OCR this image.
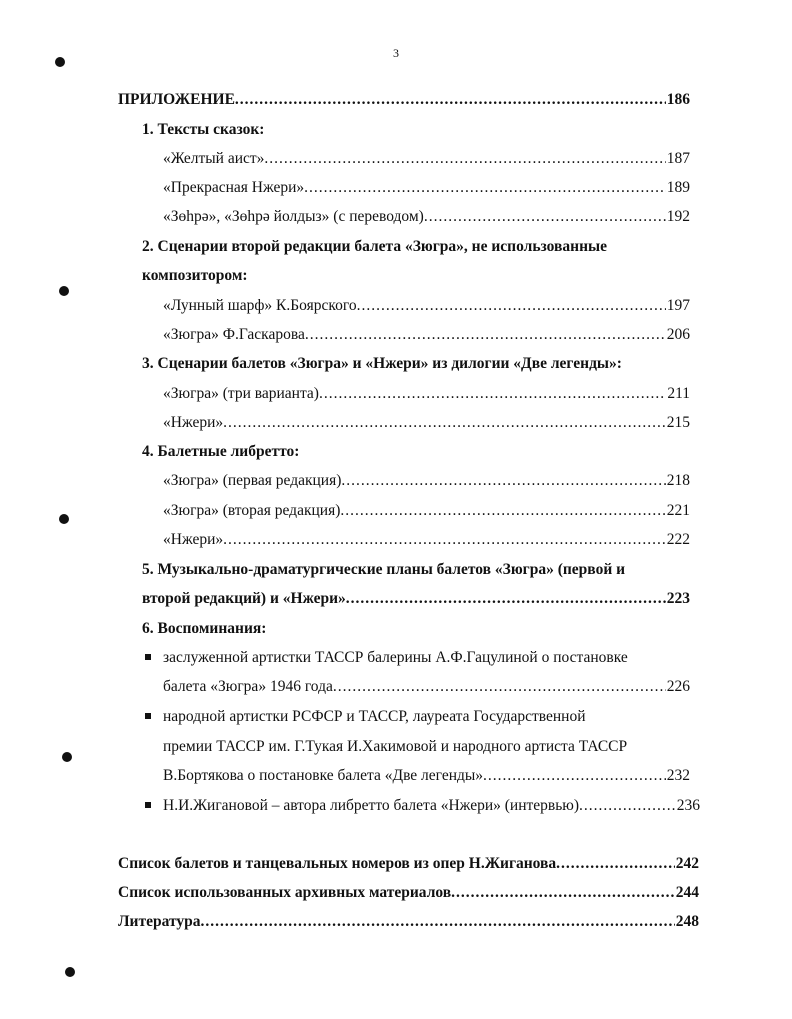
3
ПРИЛОЖЕНИЕ .....	186
1. Тексты сказок:
«Желтый аист» .....	187
«Прекрасная Нжери» .....	189
«Зөһрә», «Зөһрә йолдыз» (с переводом) .....	192
2. Сценарии второй редакции балета «Зюгра», не использованные
композитором:
«Лунный шарф» К.Боярского .....	197
«Зюгра» Ф.Гаскарова .....	206
3. Сценарии балетов «Зюгра» и «Нжери» из дилогии «Две легенды»:
«Зюгра» (три варианта) .....	211
«Нжери» .....	215
4. Балетные либретто:
«Зюгра» (первая редакция) .....	218
«Зюгра» (вторая редакция) .....	221
«Нжери» .....	222
5. Музыкально-драматургические планы балетов «Зюгра» (первой и
второй редакций) и «Нжери» .....	223
6. Воспоминания:
заслуженной артистки ТАССР балерины А.Ф.Гацулиной о постановке
балета «Зюгра» 1946 года .....	226
народной артистки РСФСР и ТАССР, лауреата Государственной
премии ТАССР им. Г.Тукая И.Хакимовой и народного артиста ТАССР
В.Бортякова о постановке балета «Две легенды» .....	232
Н.И.Жигановой – автора либретто балета «Нжери» (интервью) .....	236
Список балетов и танцевальных номеров из опер Н.Жиганова .....	242
Список использованных архивных материалов .....	244
Литература .....	248
